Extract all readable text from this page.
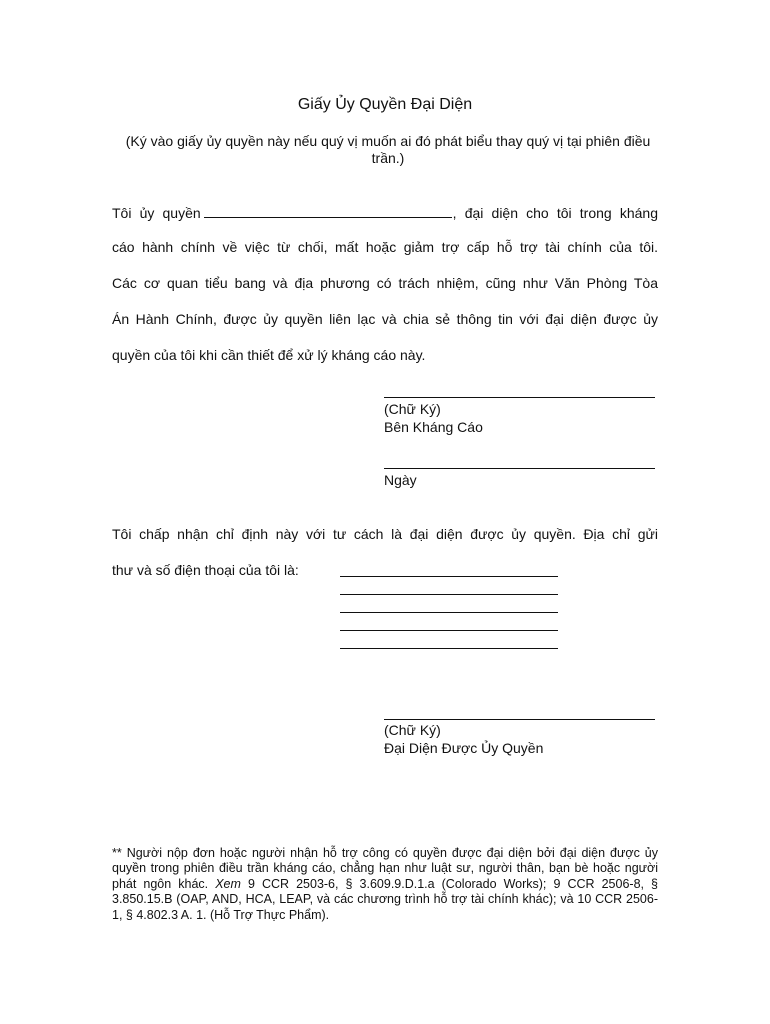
Giấy Ủy Quyền Đại Diện
(Ký vào giấy ủy quyền này nếu quý vị muốn ai đó phát biểu thay quý vị tại phiên điều trần.)
Tôi ủy quyền	, đại diện cho tôi trong kháng
cáo hành chính về việc từ chối, mất hoặc giảm trợ cấp hỗ trợ tài chính của tôi.
Các cơ quan tiểu bang và địa phương có trách nhiệm, cũng như Văn Phòng Tòa
Án Hành Chính, được ủy quyền liên lạc và chia sẻ thông tin với đại diện được ủy
quyền của tôi khi cần thiết để xử lý kháng cáo này.
(Chữ Ký)
Bên Kháng Cáo
Ngày
Tôi chấp nhận chỉ định này với tư cách là đại diện được ủy quyền. Địa chỉ gửi
thư và số điện thoại của tôi là:
(Chữ Ký)
Đại Diện Được Ủy Quyền
** Người nộp đơn hoặc người nhận hỗ trợ công có quyền được đại diện bởi đại diện được ủy quyền trong phiên điều trần kháng cáo, chẳng hạn như luật sư, người thân, bạn bè hoặc người phát ngôn khác. Xem 9 CCR 2503-6, § 3.609.9.D.1.a (Colorado Works); 9 CCR 2506-8, § 3.850.15.B (OAP, AND, HCA, LEAP, và các chương trình hỗ trợ tài chính khác); và 10 CCR 2506-1, § 4.802.3 A. 1. (Hỗ Trợ Thực Phẩm).
